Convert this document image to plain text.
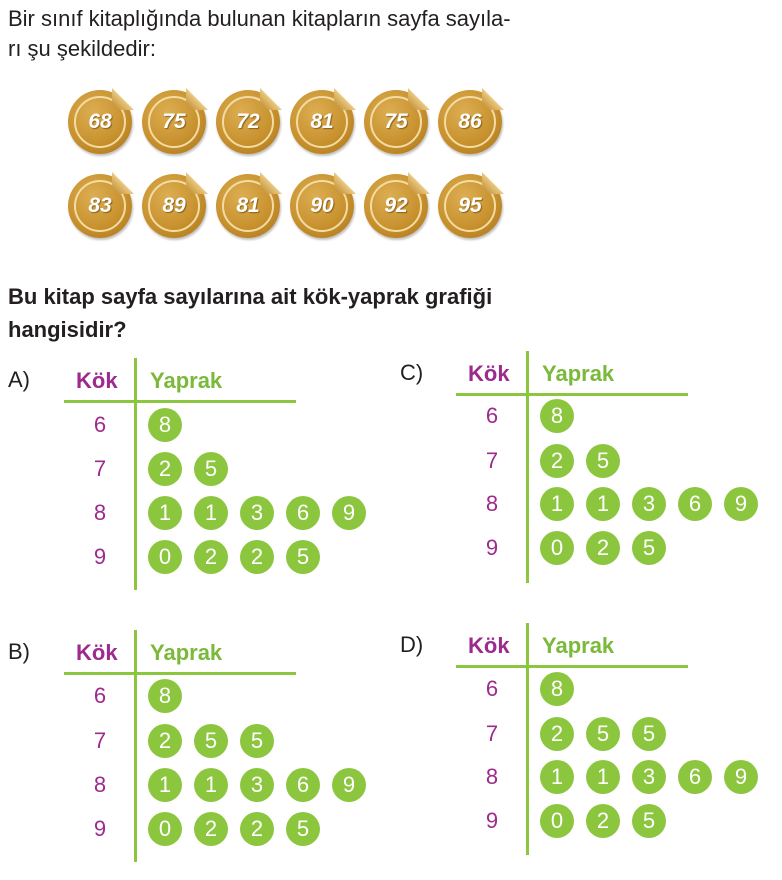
Bir sınıf kitaplığında bulunan kitapların sayfa sayıla-
rı şu şekildedir:

68	75	72	81	75	86
83	89	81	90	92	95

Bu kitap sayfa sayılarına ait kök-yaprak grafiği
hangisidir?

A) Kök Yaprak
6	8
7	2	5
8	1	1	3	6	9
9	0	2	2	5
C) Kök Yaprak
6	8
7	2	5
8	1	1	3	6	9
9	0	2	5
B) Kök Yaprak
6	8
7	2	5	5
8	1	1	3	6	9
9	0	2	2	5
D) Kök Yaprak
6	8
7	2	5	5
8	1	1	3	6	9
9	0	2	5
